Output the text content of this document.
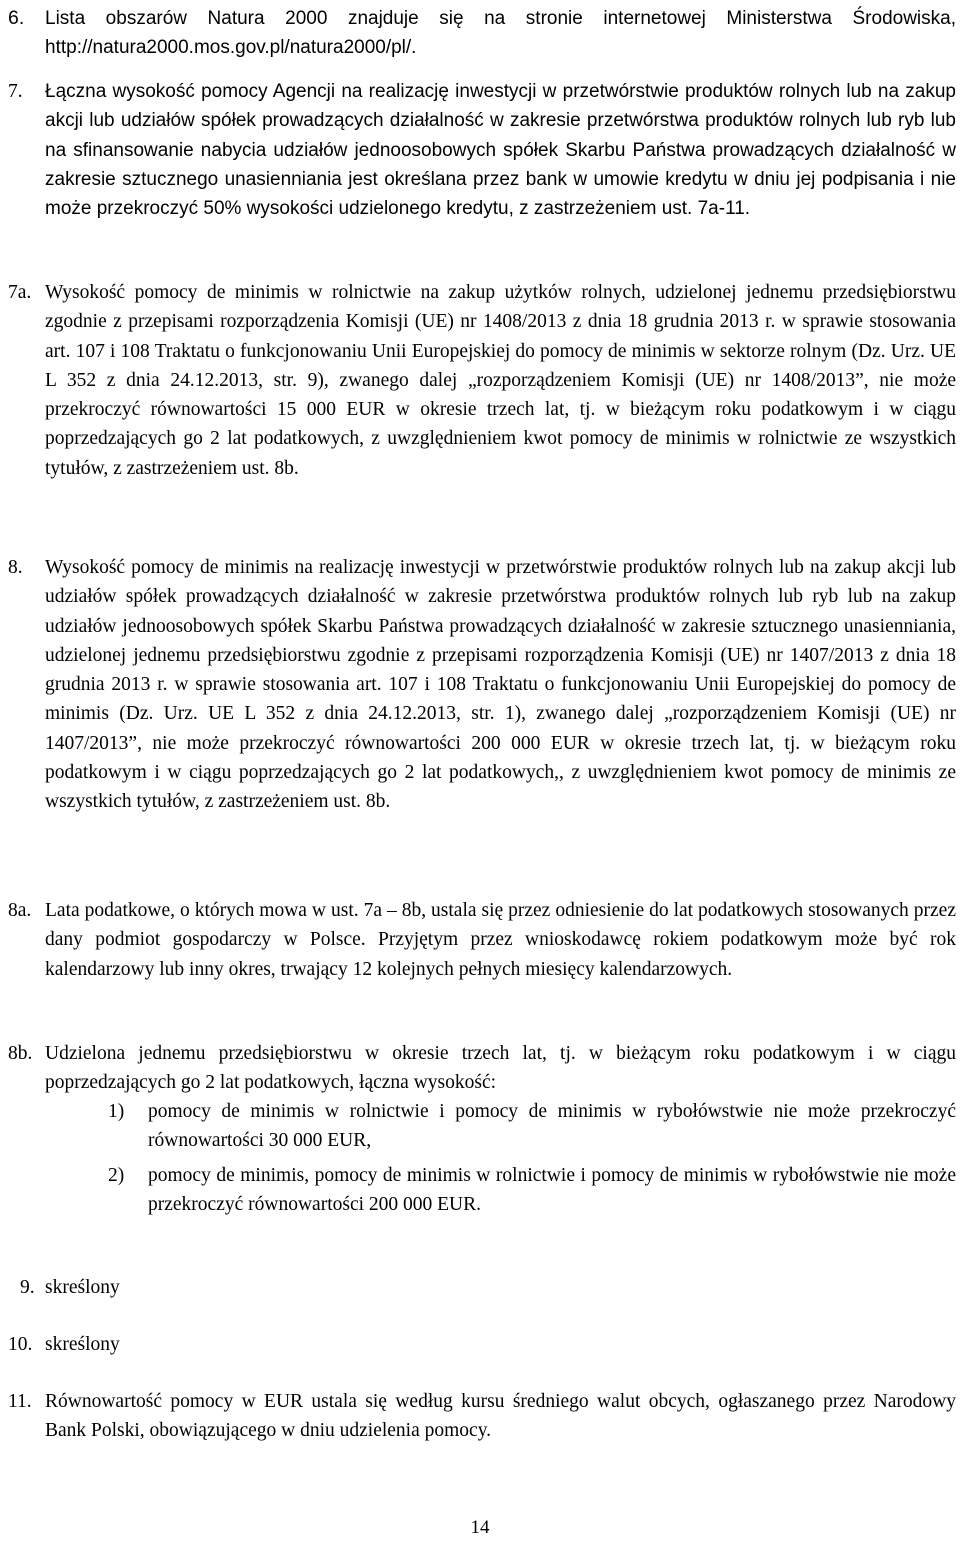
6. Lista obszarów Natura 2000 znajduje się na stronie internetowej Ministerstwa Środowiska, http://natura2000.mos.gov.pl/natura2000/pl/.
7. Łączna wysokość pomocy Agencji na realizację inwestycji w przetwórstwie produktów rolnych lub na zakup akcji lub udziałów spółek prowadzących działalność w zakresie przetwórstwa produktów rolnych lub ryb lub na sfinansowanie nabycia udziałów jednoosobowych spółek Skarbu Państwa prowadzących działalność w zakresie sztucznego unasienniania jest określana przez bank w umowie kredytu w dniu jej podpisania i nie może przekroczyć 50% wysokości udzielonego kredytu, z zastrzeżeniem ust. 7a-11.
7a. Wysokość pomocy de minimis w rolnictwie na zakup użytków rolnych, udzielonej jednemu przedsiębiorstwu zgodnie z przepisami rozporządzenia Komisji (UE) nr 1408/2013 z dnia 18 grudnia 2013 r. w sprawie stosowania art. 107 i 108 Traktatu o funkcjonowaniu Unii Europejskiej do pomocy de minimis w sektorze rolnym (Dz. Urz. UE L 352 z dnia 24.12.2013, str. 9), zwanego dalej „rozporządzeniem Komisji (UE) nr 1408/2013”, nie może przekroczyć równowartości 15 000 EUR w okresie trzech lat, tj. w bieżącym roku podatkowym i w ciągu poprzedzających go 2 lat podatkowych, z uwzględnieniem kwot pomocy de minimis w rolnictwie ze wszystkich tytułów, z zastrzeżeniem ust. 8b.
8. Wysokość pomocy de minimis na realizację inwestycji w przetwórstwie produktów rolnych lub na zakup akcji lub udziałów spółek prowadzących działalność w zakresie przetwórstwa produktów rolnych lub ryb lub na zakup udziałów jednoosobowych spółek Skarbu Państwa prowadzących działalność w zakresie sztucznego unasienniania, udzielonej jednemu przedsiębiorstwu zgodnie z przepisami rozporządzenia Komisji (UE) nr 1407/2013 z dnia 18 grudnia 2013 r. w sprawie stosowania art. 107 i 108 Traktatu o funkcjonowaniu Unii Europejskiej do pomocy de minimis (Dz. Urz. UE L 352 z dnia 24.12.2013, str. 1), zwanego dalej „rozporządzeniem Komisji (UE) nr 1407/2013”, nie może przekroczyć równowartości 200 000 EUR w okresie trzech lat, tj. w bieżącym roku podatkowym i w ciągu poprzedzających go 2 lat podatkowych,, z uwzględnieniem kwot pomocy de minimis ze wszystkich tytułów, z zastrzeżeniem ust. 8b.
8a. Lata podatkowe, o których mowa w ust. 7a – 8b, ustala się przez odniesienie do lat podatkowych stosowanych przez dany podmiot gospodarczy w Polsce. Przyjętym przez wnioskodawcę rokiem podatkowym może być rok kalendarzowy lub inny okres, trwający 12 kolejnych pełnych miesięcy kalendarzowych.
8b. Udzielona jednemu przedsiębiorstwu w okresie trzech lat, tj. w bieżącym roku podatkowym i w ciągu poprzedzających go 2 lat podatkowych, łączna wysokość:
1) pomocy de minimis w rolnictwie i pomocy de minimis w rybołówstwie nie może przekroczyć równowartości 30 000 EUR,
2) pomocy de minimis, pomocy de minimis w rolnictwie i pomocy de minimis w rybołówstwie nie może przekroczyć równowartości 200 000 EUR.
9. skreślony
10. skreślony
11. Równowartość pomocy w EUR ustala się według kursu średniego walut obcych, ogłaszanego przez Narodowy Bank Polski, obowiązującego w dniu udzielenia pomocy.
14
